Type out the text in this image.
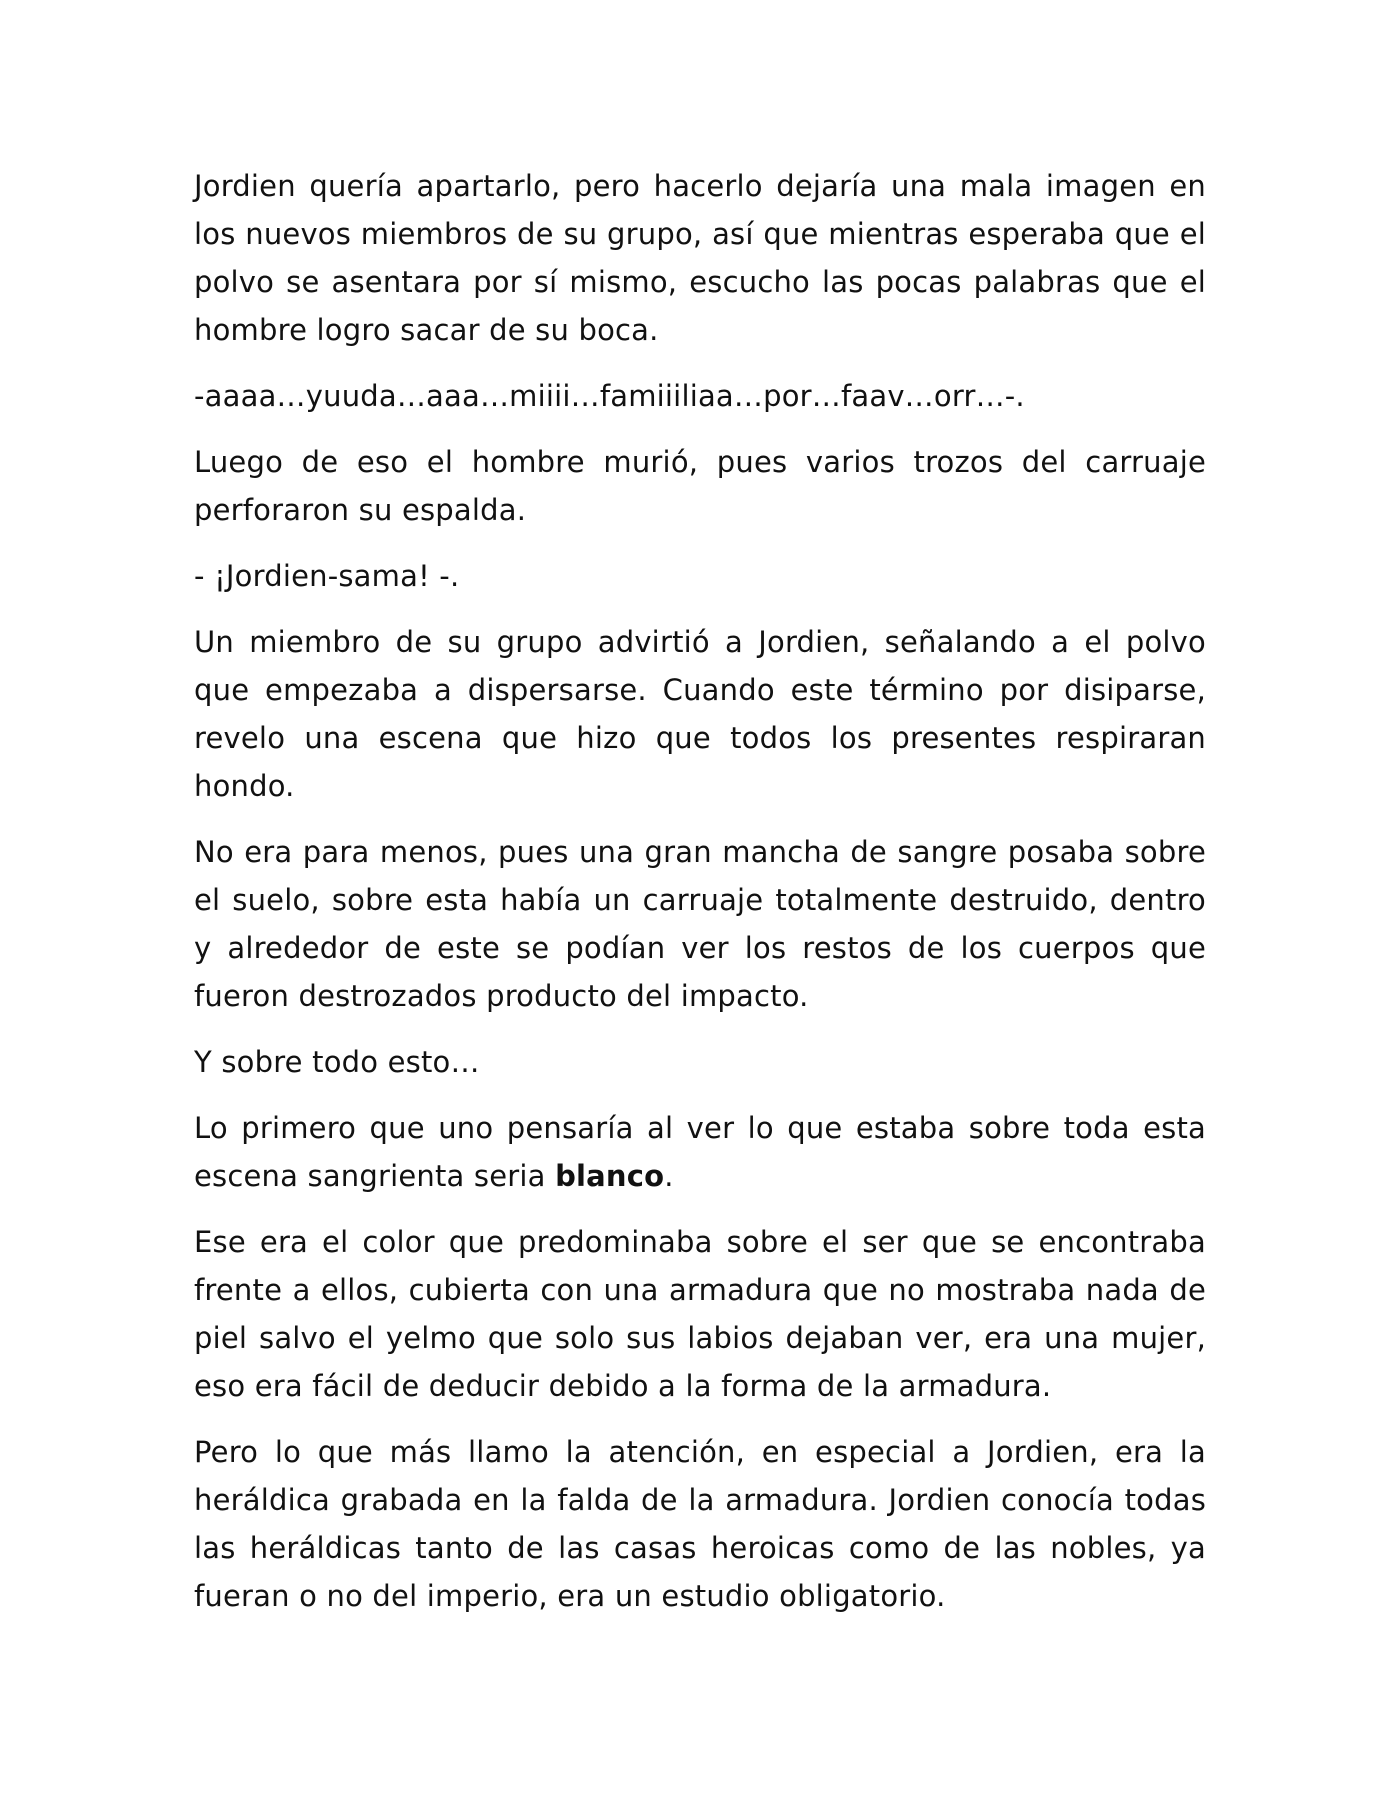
Jordien quería apartarlo, pero hacerlo dejaría una mala imagen en los nuevos miembros de su grupo, así que mientras esperaba que el polvo se asentara por sí mismo, escucho las pocas palabras que el hombre logro sacar de su boca.

-aaaa…yuuda…aaa…miiii…famiiiliaa…por…faav…orr…-.

Luego de eso el hombre murió, pues varios trozos del carruaje perforaron su espalda.

- ¡Jordien-sama! -.

Un miembro de su grupo advirtió a Jordien, señalando a el polvo que empezaba a dispersarse. Cuando este término por disiparse, revelo una escena que hizo que todos los presentes respiraran hondo.

No era para menos, pues una gran mancha de sangre posaba sobre el suelo, sobre esta había un carruaje totalmente destruido, dentro y alrededor de este se podían ver los restos de los cuerpos que fueron destrozados producto del impacto.

Y sobre todo esto…

Lo primero que uno pensaría al ver lo que estaba sobre toda esta escena sangrienta seria blanco.

Ese era el color que predominaba sobre el ser que se encontraba frente a ellos, cubierta con una armadura que no mostraba nada de piel salvo el yelmo que solo sus labios dejaban ver, era una mujer, eso era fácil de deducir debido a la forma de la armadura.

Pero lo que más llamo la atención, en especial a Jordien, era la heráldica grabada en la falda de la armadura. Jordien conocía todas las heráldicas tanto de las casas heroicas como de las nobles, ya fueran o no del imperio, era un estudio obligatorio.
